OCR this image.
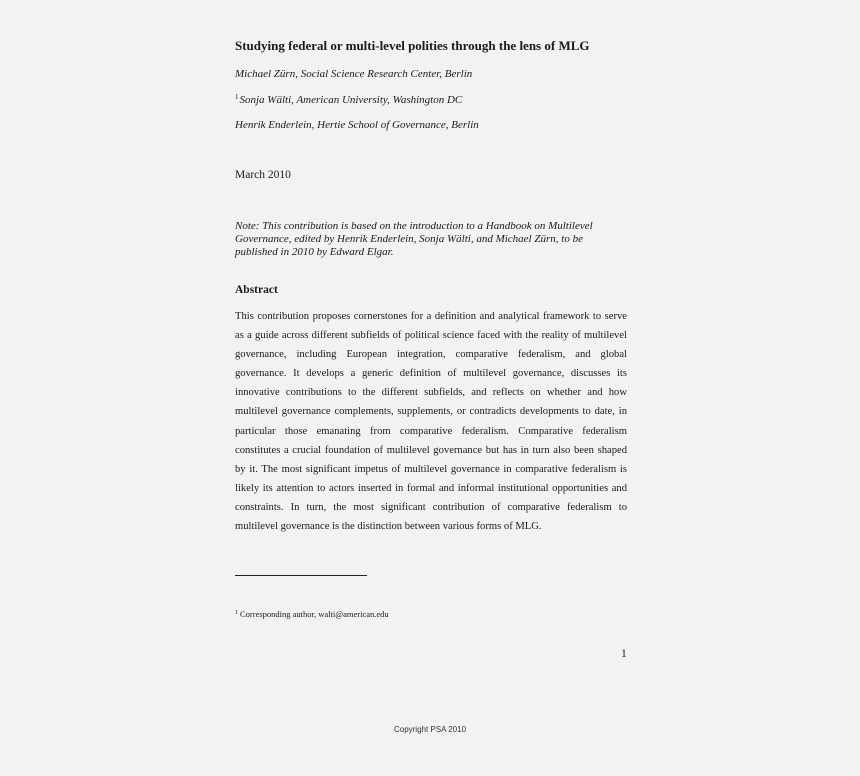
Studying federal or multi-level polities through the lens of MLG
Michael Zürn, Social Science Research Center, Berlin
$^1$Sonja Wälti, American University, Washington DC
Henrik Enderlein, Hertie School of Governance, Berlin
March 2010
Note: This contribution is based on the introduction to a Handbook on Multilevel Governance, edited by Henrik Enderlein, Sonja Wälti, and Michael Zürn, to be published in 2010 by Edward Elgar.
Abstract
This contribution proposes cornerstones for a definition and analytical framework to serve as a guide across different subfields of political science faced with the reality of multilevel governance, including European integration, comparative federalism, and global governance. It develops a generic definition of multilevel governance, discusses its innovative contributions to the different subfields, and reflects on whether and how multilevel governance complements, supplements, or contradicts developments to date, in particular those emanating from comparative federalism. Comparative federalism constitutes a crucial foundation of multilevel governance but has in turn also been shaped by it. The most significant impetus of multilevel governance in comparative federalism is likely its attention to actors inserted in formal and informal institutional opportunities and constraints. In turn, the most significant contribution of comparative federalism to multilevel governance is the distinction between various forms of MLG.
$^1$ Corresponding author, walti@american.edu
1
Copyright PSA 2010
